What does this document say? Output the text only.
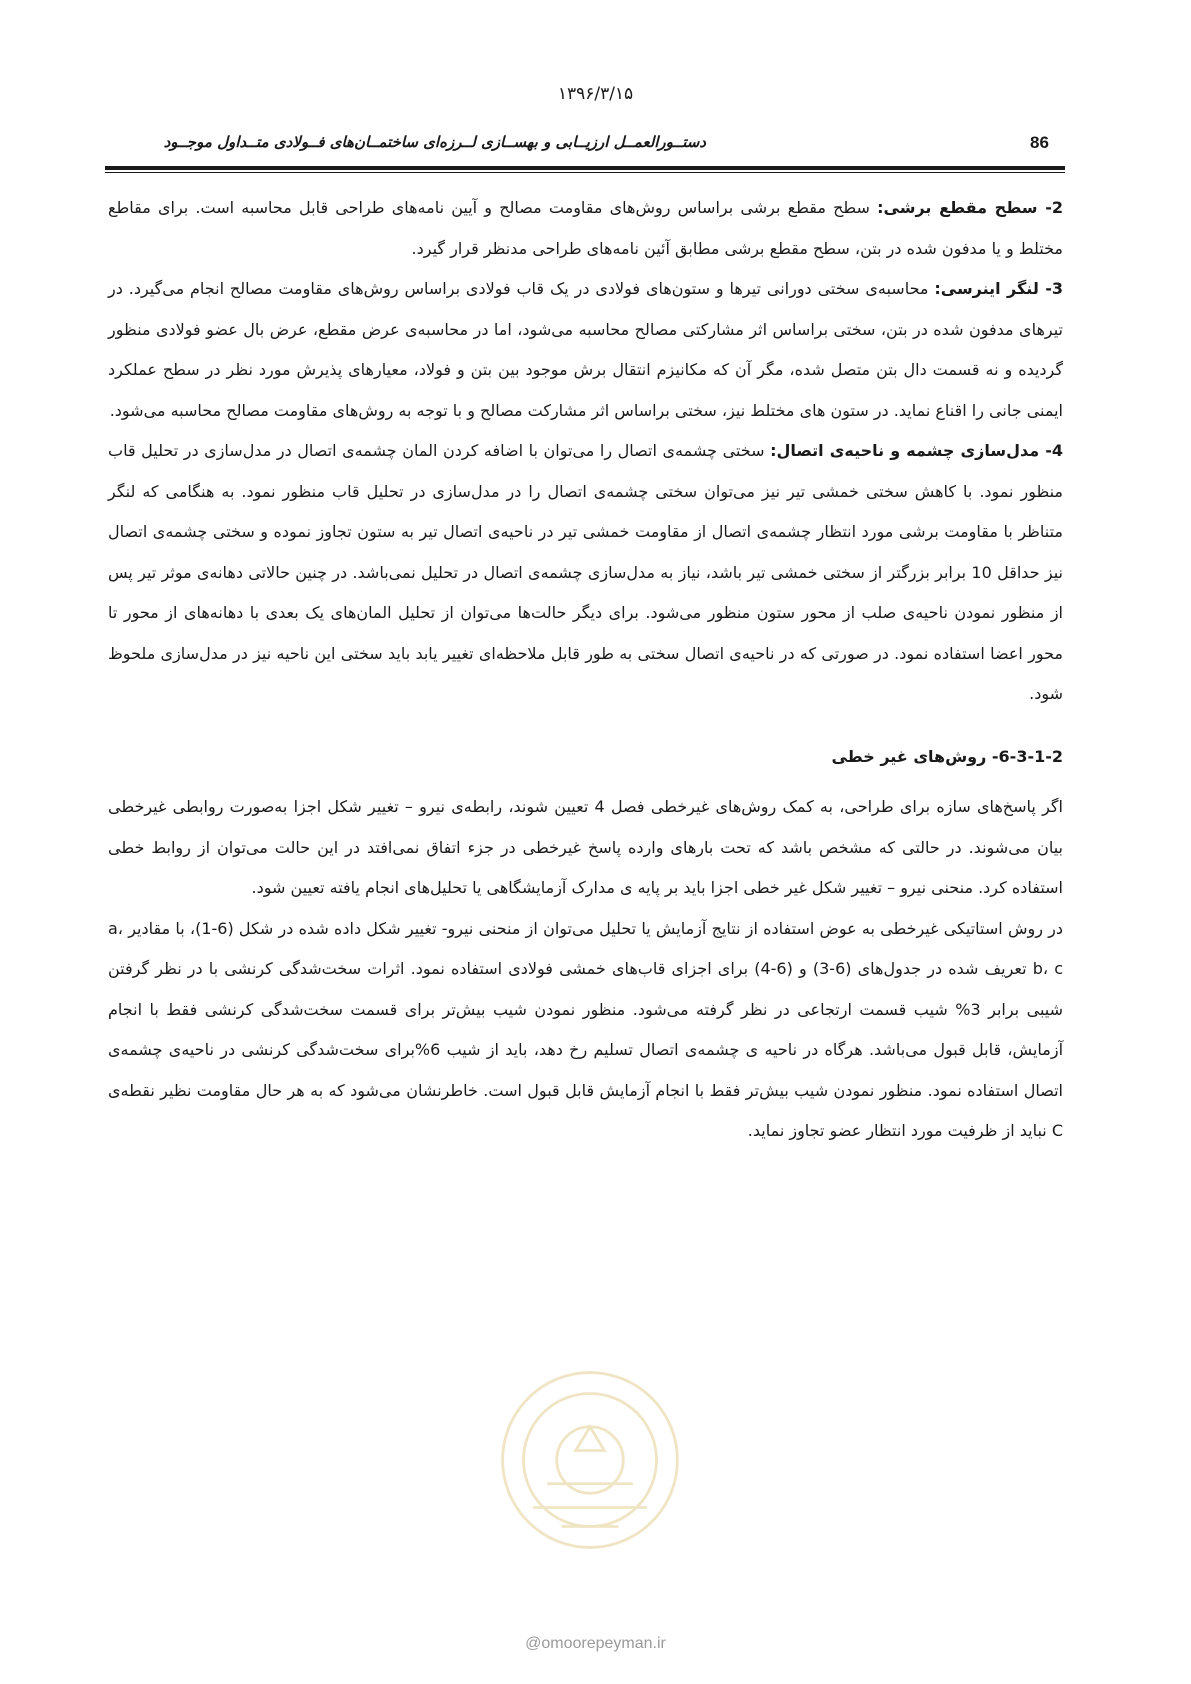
۱۳۹۶/۳/۱۵
دستــورالعمــل ارزیــابی و بهســازی لــرزه‌ای ساختمــان‌های فــولادی متــداول موجــود	86

2- سطح مقطع برشی: سطح مقطع برشی براساس روش‌های مقاومت مصالح و آیین نامه‌های طراحی قابل محاسبه است. برای مقاطع مختلط و یا مدفون شده در بتن، سطح مقطع برشی مطابق آئین نامه‌های طراحی مدنظر قرار گیرد.

3- لنگر اینرسی: محاسبه‌ی سختی دورانی تیرها و ستون‌های فولادی در یک قاب فولادی براساس روش‌های مقاومت مصالح انجام می‌گیرد. در تیرهای مدفون شده در بتن، سختی براساس اثر مشارکتی مصالح محاسبه می‌شود، اما در محاسبه‌ی عرض مقطع، عرض بال عضو فولادی منظور گردیده و نه قسمت دال بتن متصل شده، مگر آن که مکانیزم انتقال برش موجود بین بتن و فولاد، معیارهای پذیرش مورد نظر در سطح عملکرد ایمنی جانی را اقناع نماید. در ستون های مختلط نیز، سختی براساس اثر مشارکت مصالح و با توجه به روش‌های مقاومت مصالح محاسبه می‌شود.

4- مدل‌سازی چشمه و ناحیه‌ی اتصال: سختی چشمه‌ی اتصال را می‌توان با اضافه کردن المان چشمه‌ی اتصال در مدل‌سازی در تحلیل قاب منظور نمود. با کاهش سختی خمشی تیر نیز می‌توان سختی چشمه‌ی اتصال را در مدل‌سازی در تحلیل قاب منظور نمود. به هنگامی که لنگر متناظر با مقاومت برشی مورد انتظار چشمه‌ی اتصال از مقاومت خمشی تیر در ناحیه‌ی اتصال تیر به ستون تجاوز نموده و سختی چشمه‌ی اتصال نیز حداقل 10 برابر بزرگتر از سختی خمشی تیر باشد، نیاز به مدل‌سازی چشمه‌ی اتصال در تحلیل نمی‌باشد. در چنین حالاتی دهانه‌ی موثر تیر پس از منظور نمودن ناحیه‌ی صلب از محور ستون منظور می‌شود. برای دیگر حالت‌ها می‌توان از تحلیل المان‌های یک بعدی با دهانه‌های از محور تا محور اعضا استفاده نمود. در صورتی که در ناحیه‌ی اتصال سختی به طور قابل ملاحظه‌ای تغییر یابد باید سختی این ناحیه نیز در مدل‌سازی ملحوظ شود.

6-3-1-2- روش‌های غیر خطی

اگر پاسخ‌های سازه برای طراحی، به کمک روش‌های غیرخطی فصل 4 تعیین شوند، رابطه‌ی نیرو – تغییر شکل اجزا به‌صورت روابطی غیرخطی بیان می‌شوند. در حالتی که مشخص باشد که تحت بارهای وارده پاسخ غیرخطی در جزء اتفاق نمی‌افتد در این حالت می‌توان از روابط خطی استفاده کرد. منحنی نیرو – تغییر شکل غیر خطی اجزا باید بر پایه ی مدارک آزمایشگاهی یا تحلیل‌های انجام یافته تعیین شود.

در روش استاتیکی غیرخطی به عوض استفاده از نتایج آزمایش یا تحلیل می‌توان از منحنی نیرو- تغییر شکل داده شده در شکل (6-1)، با مقادیر a، b، c تعریف شده در جدول‌های (6-3) و (6-4) برای اجزای قاب‌های خمشی فولادی استفاده نمود. اثرات سخت‌شدگی کرنشی با در نظر گرفتن شیبی برابر 3% شیب قسمت ارتجاعی در نظر گرفته می‌شود. منظور نمودن شیب بیش‌تر برای قسمت سخت‌شدگی کرنشی فقط با انجام آزمایش، قابل قبول می‌باشد. هرگاه در ناحیه ی چشمه‌ی اتصال تسلیم رخ دهد، باید از شیب 6%برای سخت‌شدگی کرنشی در ناحیه‌ی چشمه‌ی اتصال استفاده نمود. منظور نمودن شیب بیش‌تر فقط با انجام آزمایش قابل قبول است. خاطرنشان می‌شود که به هر حال مقاومت نظیر نقطه‌ی C نباید از ظرفیت مورد انتظار عضو تجاوز نماید.

@omoorepeyman.ir
